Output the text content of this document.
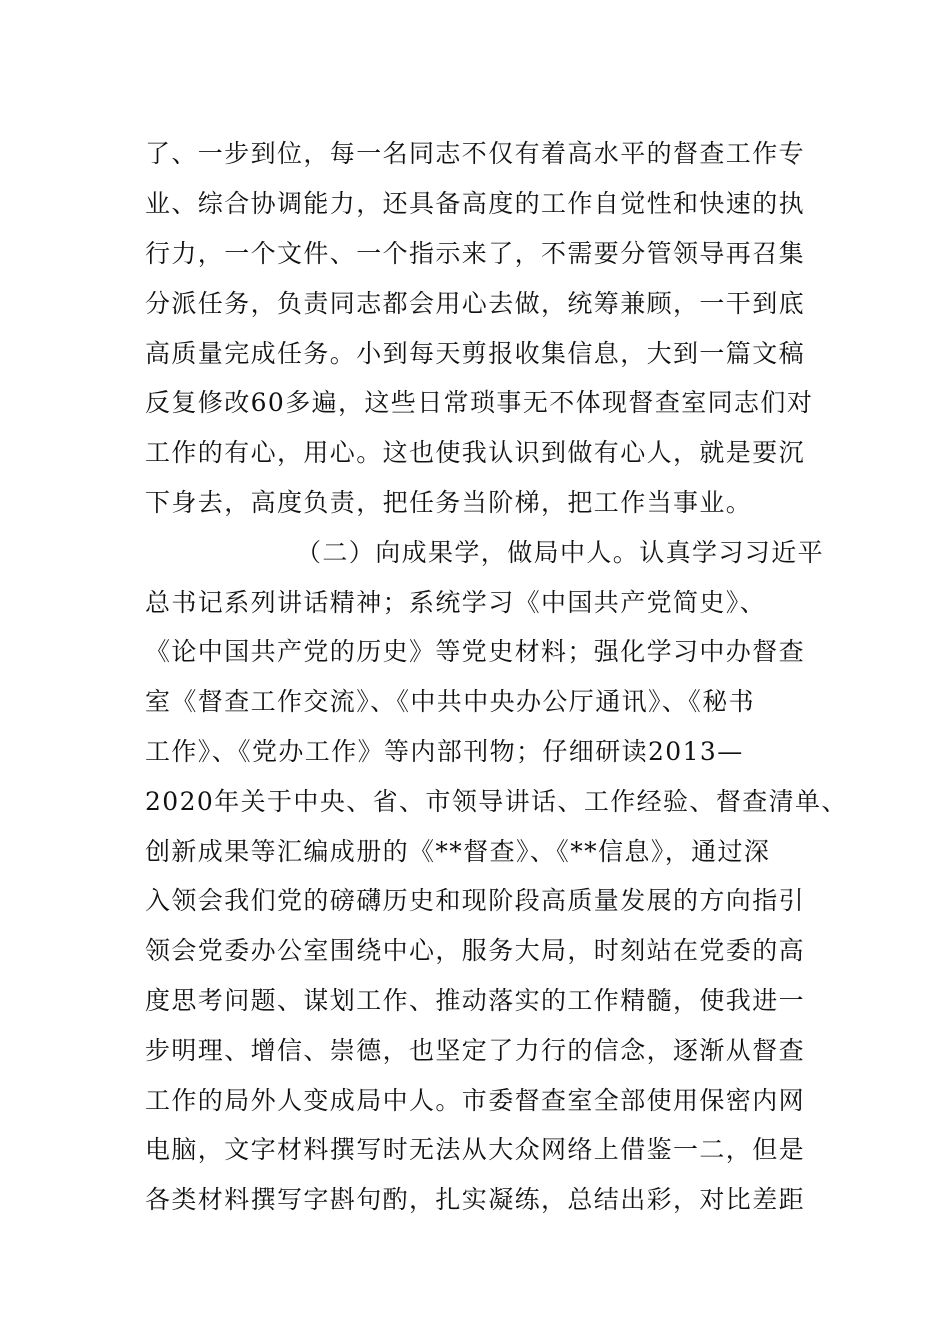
了、一步到位，每一名同志不仅有着高水平的督查工作专
业、综合协调能力，还具备高度的工作自觉性和快速的执
行力，一个文件、一个指示来了，不需要分管领导再召集
分派任务，负责同志都会用心去做，统筹兼顾，一干到底
高质量完成任务。小到每天剪报收集信息，大到一篇文稿
反复修改60多遍，这些日常琐事无不体现督查室同志们对
工作的有心，用心。这也使我认识到做有心人，就是要沉
下身去，高度负责，把任务当阶梯，把工作当事业。
（二）向成果学，做局中人。认真学习习近平
总书记系列讲话精神；系统学习《中国共产党简史》、
《论中国共产党的历史》等党史材料；强化学习中办督查
室《督查工作交流》、《中共中央办公厅通讯》、《秘书
工作》、《党办工作》等内部刊物；仔细研读2013—
2020年关于中央、省、市领导讲话、工作经验、督查清单、
创新成果等汇编成册的《**督查》、《**信息》，通过深
入领会我们党的磅礴历史和现阶段高质量发展的方向指引
领会党委办公室围绕中心，服务大局，时刻站在党委的高
度思考问题、谋划工作、推动落实的工作精髓，使我进一
步明理、增信、崇德，也坚定了力行的信念，逐渐从督查
工作的局外人变成局中人。市委督查室全部使用保密内网
电脑，文字材料撰写时无法从大众网络上借鉴一二，但是
各类材料撰写字斟句酌，扎实凝练，总结出彩，对比差距
